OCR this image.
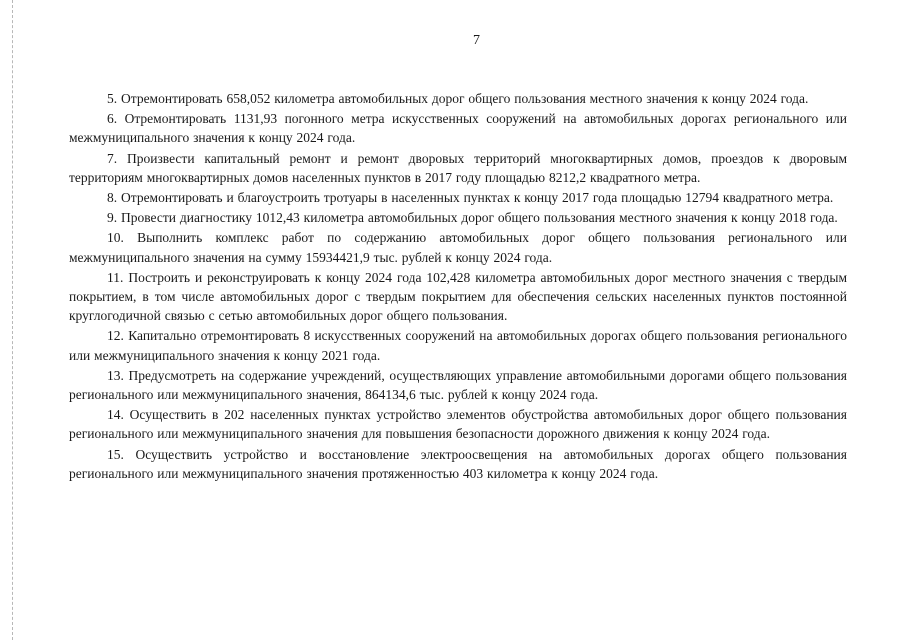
7

5. Отремонтировать 658,052 километра автомобильных дорог общего пользования местного значения к концу 2024 года.

6. Отремонтировать 1131,93 погонного метра искусственных сооружений на автомобильных дорогах регионального или межмуниципального значения к концу 2024 года.

7. Произвести капитальный ремонт и ремонт дворовых территорий многоквартирных домов, проездов к дворовым территориям многоквартирных домов населенных пунктов в 2017 году площадью 8212,2 квадратного метра.

8. Отремонтировать и благоустроить тротуары в населенных пунктах к концу 2017 года площадью 12794 квадратного метра.

9. Провести диагностику 1012,43 километра автомобильных дорог общего пользования местного значения к концу 2018 года.

10. Выполнить комплекс работ по содержанию автомобильных дорог общего пользования регионального или межмуниципального значения на сумму 15934421,9 тыс. рублей к концу 2024 года.

11. Построить и реконструировать к концу 2024 года 102,428 километра автомобильных дорог местного значения с твердым покрытием, в том числе автомобильных дорог с твердым покрытием для обеспечения сельских населенных пунктов постоянной круглогодичной связью с сетью автомобильных дорог общего пользования.

12. Капитально отремонтировать 8 искусственных сооружений на автомобильных дорогах общего пользования регионального или межмуниципального значения к концу 2021 года.

13. Предусмотреть на содержание учреждений, осуществляющих управление автомобильными дорогами общего пользования регионального или межмуниципального значения, 864134,6 тыс. рублей к концу 2024 года.

14. Осуществить в 202 населенных пунктах устройство элементов обустройства автомобильных дорог общего пользования регионального или межмуниципального значения для повышения безопасности дорожного движения к концу 2024 года.

15. Осуществить устройство и восстановление электроосвещения на автомобильных дорогах общего пользования регионального или межмуниципального значения протяженностью 403 километра к концу 2024 года.
